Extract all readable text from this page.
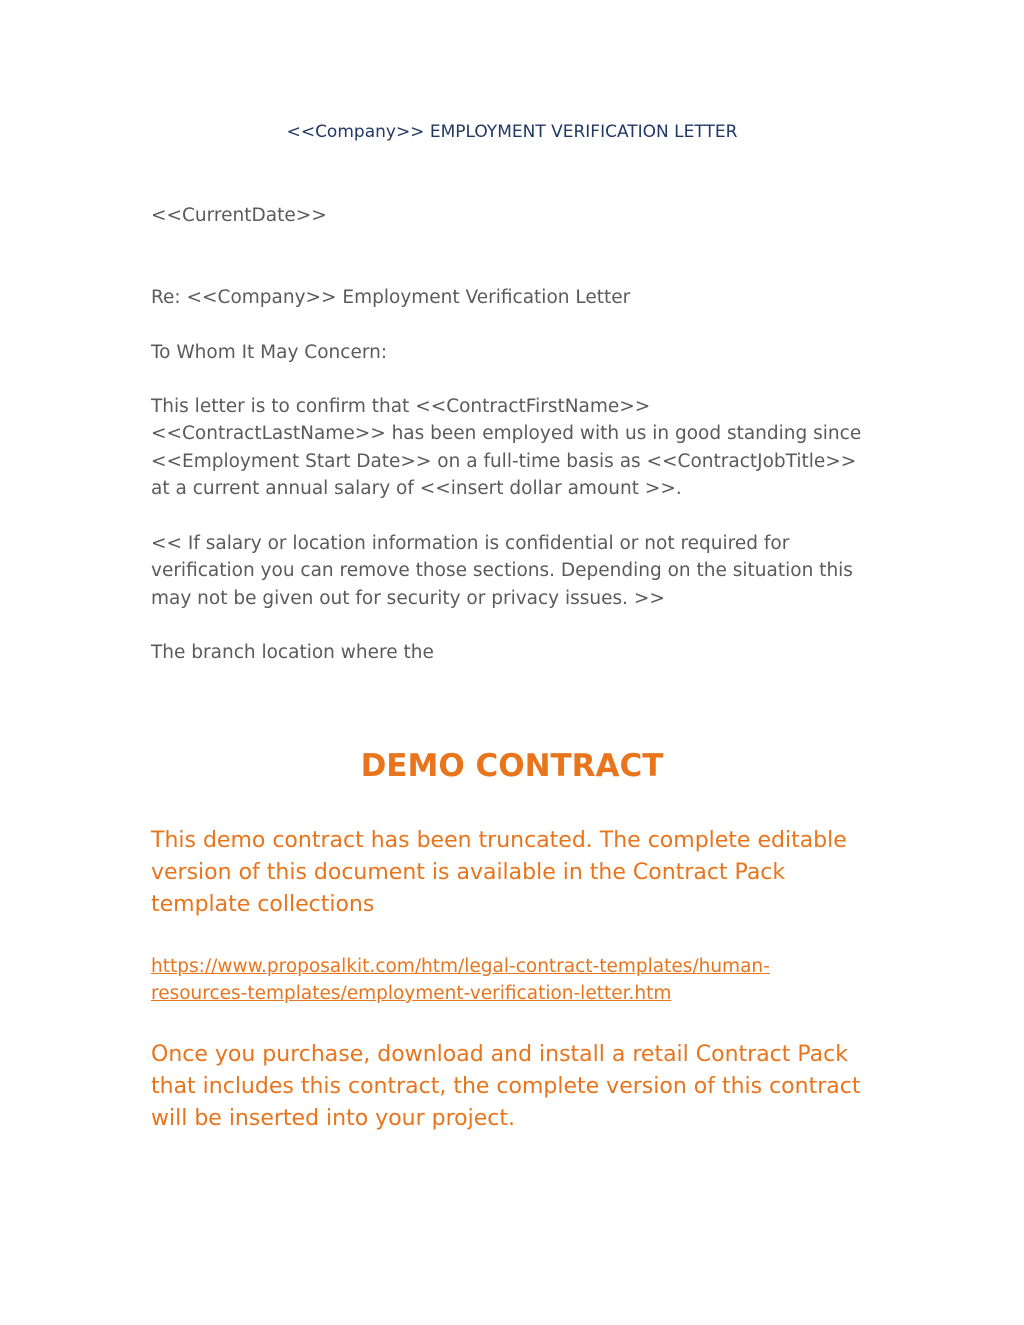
<<Company>> EMPLOYMENT VERIFICATION LETTER

<<CurrentDate>>

Re: <<Company>> Employment Verification Letter

To Whom It May Concern:

This letter is to confirm that <<ContractFirstName>> <<ContractLastName>> has been employed with us in good standing since <<Employment Start Date>> on a full-time basis as <<ContractJobTitle>> at a current annual salary of <<insert dollar amount >>.

<< If salary or location information is confidential or not required for verification you can remove those sections. Depending on the situation this may not be given out for security or privacy issues. >>

The branch location where the

DEMO CONTRACT

This demo contract has been truncated. The complete editable version of this document is available in the Contract Pack template collections

https://www.proposalkit.com/htm/legal-contract-templates/human-
resources-templates/employment-verification-letter.htm

Once you purchase, download and install a retail Contract Pack that includes this contract, the complete version of this contract will be inserted into your project.
